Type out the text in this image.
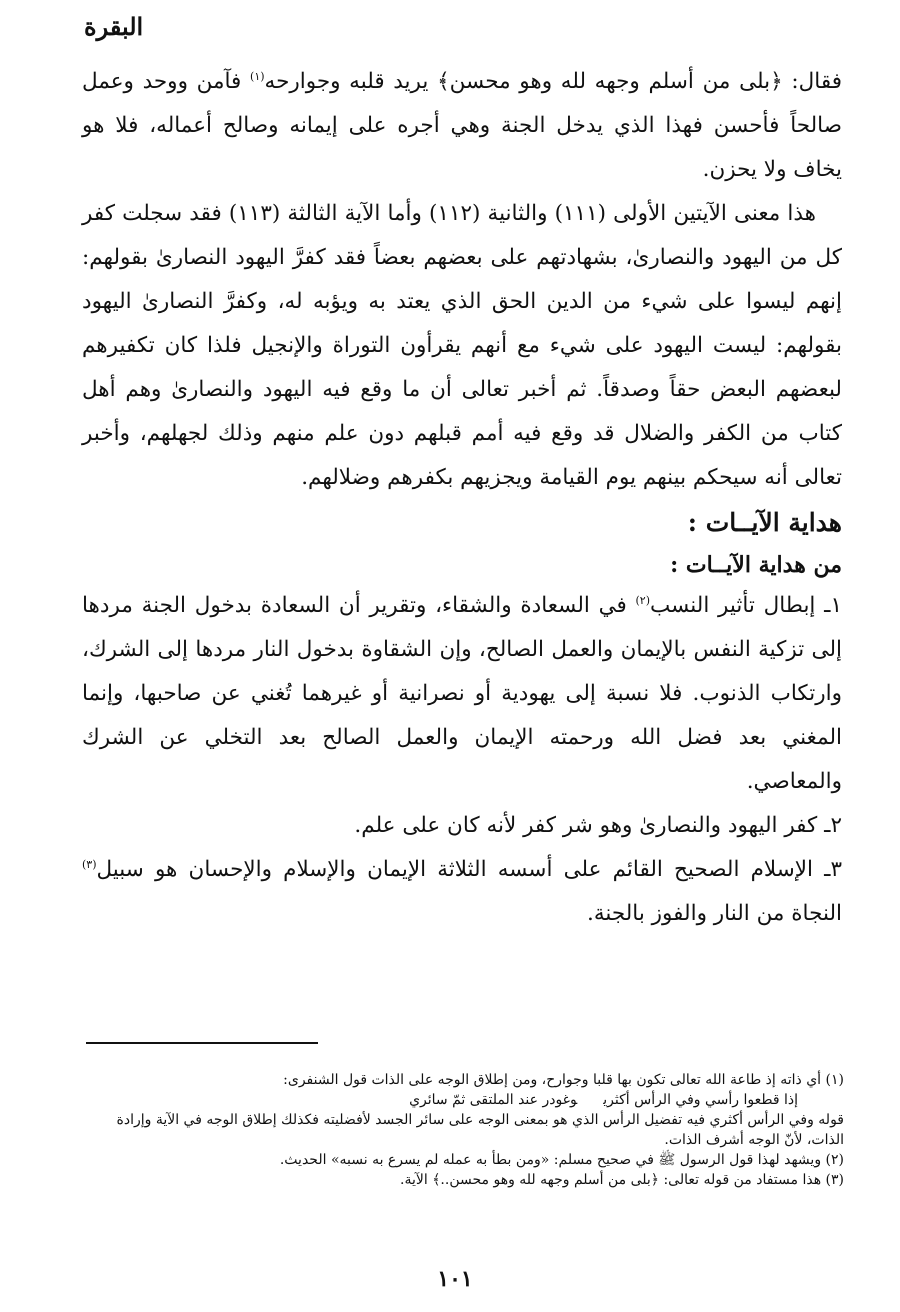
البقرة

فقال: ﴿بلى من أسلم وجهه لله وهو محسن﴾ يريد قلبه وجوارحه$^{(١)}$ فآمن ووحد وعمل صالحاً فأحسن فهذا الذي يدخل الجنة وهي أجره على إيمانه وصالح أعماله، فلا هو يخاف ولا يحزن.

هذا معنى الآيتين الأولى (١١١) والثانية (١١٢) وأما الآية الثالثة (١١٣) فقد سجلت كفر كل من اليهود والنصارىٰ، بشهادتهم على بعضهم بعضاً فقد كفرَّ اليهود النصارىٰ بقولهم: إنهم ليسوا على شيء من الدين الحق الذي يعتد به ويؤبه له، وكفرَّ النصارىٰ اليهود بقولهم: ليست اليهود على شيء مع أنهم يقرأون التوراة والإنجيل فلذا كان تكفيرهم لبعضهم البعض حقاً وصدقاً. ثم أخبر تعالى أن ما وقع فيه اليهود والنصارىٰ وهم أهل كتاب من الكفر والضلال قد وقع فيه أمم قبلهم دون علم منهم وذلك لجهلهم، وأخبر تعالى أنه سيحكم بينهم يوم القيامة ويجزيهم بكفرهم وضلالهم.

هداية الآيــات :

من هداية الآيــات :

١ـ إبطال تأثير النسب$^{(٢)}$ في السعادة والشقاء، وتقرير أن السعادة بدخول الجنة مردها إلى تزكية النفس بالإيمان والعمل الصالح، وإن الشقاوة بدخول النار مردها إلى الشرك، وارتكاب الذنوب. فلا نسبة إلى يهودية أو نصرانية أو غيرهما تُغني عن صاحبها، وإنما المغني بعد فضل الله ورحمته الإيمان والعمل الصالح بعد التخلي عن الشرك والمعاصي.

٢ـ كفر اليهود والنصارىٰ وهو شر كفر لأنه كان على علم.

٣ـ الإسلام الصحيح القائم على أسسه الثلاثة الإيمان والإسلام والإحسان هو سبيل$^{(٣)}$ النجاة من النار والفوز بالجنة.

(١) أي ذاته إذ طاعة الله تعالى تكون بها قلبا وجوارح، ومن إطلاق الوجه على الذات قول الشنفرى:

إذا قطعوا رأسي وفي الرأس أكثريوغودر عند الملتقى ثمّ سائري

قوله وفي الرأس أكثري فيه تفضيل الرأس الذي هو بمعنى الوجه على سائر الجسد لأفضليته فكذلك إطلاق الوجه في الآية وإرادة الذات، لأنّ الوجه أشرف الذات.

(٢) ويشهد لهذا قول الرسول ﷺ في صحيح مسلم: «ومن بطأ به عمله لم يسرع به نسبه» الحديث.

(٣) هذا مستفاد من قوله تعالى: ﴿بلى من أسلم وجهه لله وهو محسن..﴾ الآية.

١٠١
